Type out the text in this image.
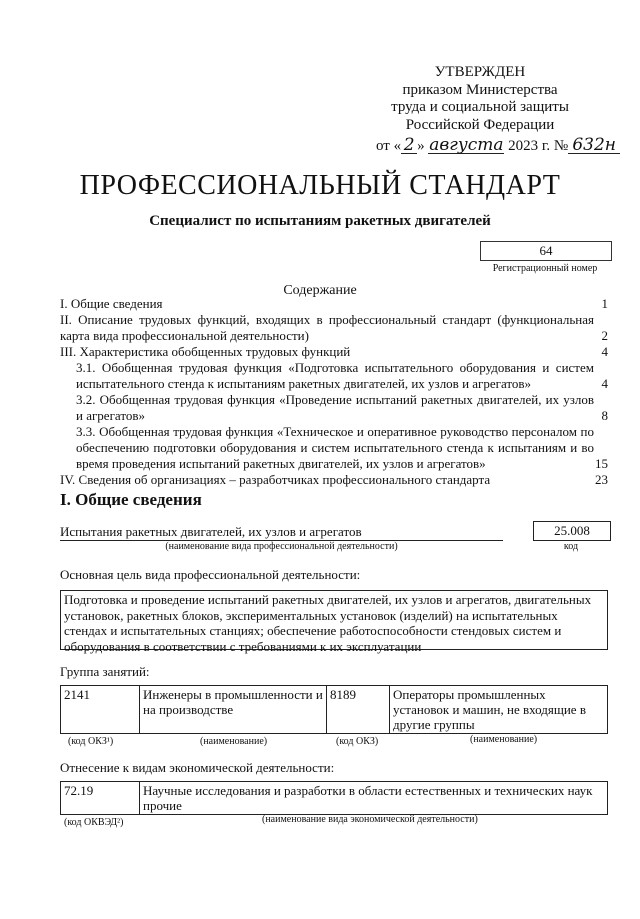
УТВЕРЖДЕН
приказом Министерства
труда и социальной защиты
Российской Федерации
от « 2 » августа 2023 г. № 632н
ПРОФЕССИОНАЛЬНЫЙ СТАНДАРТ
Специалист по испытаниям ракетных двигателей
64
Регистрационный номер
Содержание
I. Общие сведения	1
II. Описание трудовых функций, входящих в профессиональный стандарт (функциональная карта вида профессиональной деятельности)	2
III. Характеристика обобщенных трудовых функций	4
3.1. Обобщенная трудовая функция «Подготовка испытательного оборудования и систем испытательного стенда к испытаниям ракетных двигателей, их узлов и агрегатов»	4
3.2. Обобщенная трудовая функция «Проведение испытаний ракетных двигателей, их узлов и агрегатов»	8
3.3. Обобщенная трудовая функция «Техническое и оперативное руководство персоналом по обеспечению подготовки оборудования и систем испытательного стенда к испытаниям и во время проведения испытаний ракетных двигателей, их узлов и агрегатов»	15
IV. Сведения об организациях – разработчиках профессионального стандарта	23
I. Общие сведения
Испытания ракетных двигателей, их узлов и агрегатов
(наименование вида профессиональной деятельности)
25.008
код
Основная цель вида профессиональной деятельности:
Подготовка и проведение испытаний ракетных двигателей, их узлов и агрегатов, двигательных установок, ракетных блоков, экспериментальных установок (изделий) на испытательных стендах и испытательных станциях; обеспечение работоспособности стендовых систем и оборудования в соответствии с требованиями к их эксплуатации
Группа занятий:
2141	Инженеры в промышленности и на производстве	8189	Операторы промышленных установок и машин, не входящие в другие группы
(код ОКЗ¹)	(наименование)	(код ОКЗ)	(наименование)
Отнесение к видам экономической деятельности:
72.19	Научные исследования и разработки в области естественных и технических наук прочие
(код ОКВЭД²)	(наименование вида экономической деятельности)
